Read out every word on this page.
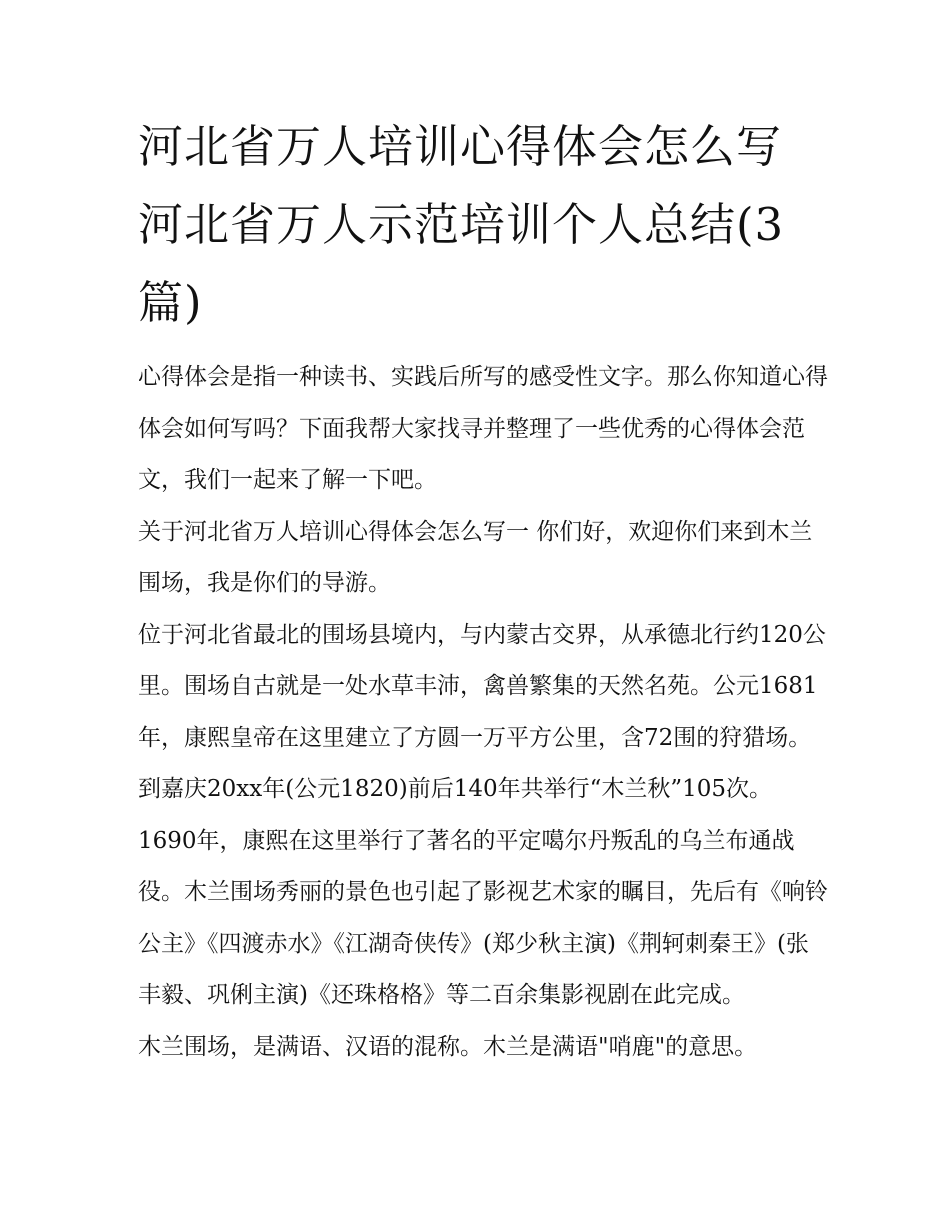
河北省万人培训心得体会怎么写 河北省万人示范培训个人总结(3篇)

心得体会是指一种读书、实践后所写的感受性文字。那么你知道心得体会如何写吗？下面我帮大家找寻并整理了一些优秀的心得体会范文，我们一起来了解一下吧。

关于河北省万人培训心得体会怎么写一 你们好，欢迎你们来到木兰围场，我是你们的导游。

位于河北省最北的围场县境内，与内蒙古交界，从承德北行约120公里。围场自古就是一处水草丰沛，禽兽繁集的天然名苑。公元1681年，康熙皇帝在这里建立了方圆一万平方公里，含72围的狩猎场。到嘉庆20xx年(公元1820)前后140年共举行“木兰秋”105次。1690年，康熙在这里举行了著名的平定噶尔丹叛乱的乌兰布通战役。木兰围场秀丽的景色也引起了影视艺术家的瞩目，先后有《响铃公主》《四渡赤水》《江湖奇侠传》(郑少秋主演)《荆轲刺秦王》(张丰毅、巩俐主演)《还珠格格》等二百余集影视剧在此完成。

木兰围场，是满语、汉语的混称。木兰是满语"哨鹿"的意思。
